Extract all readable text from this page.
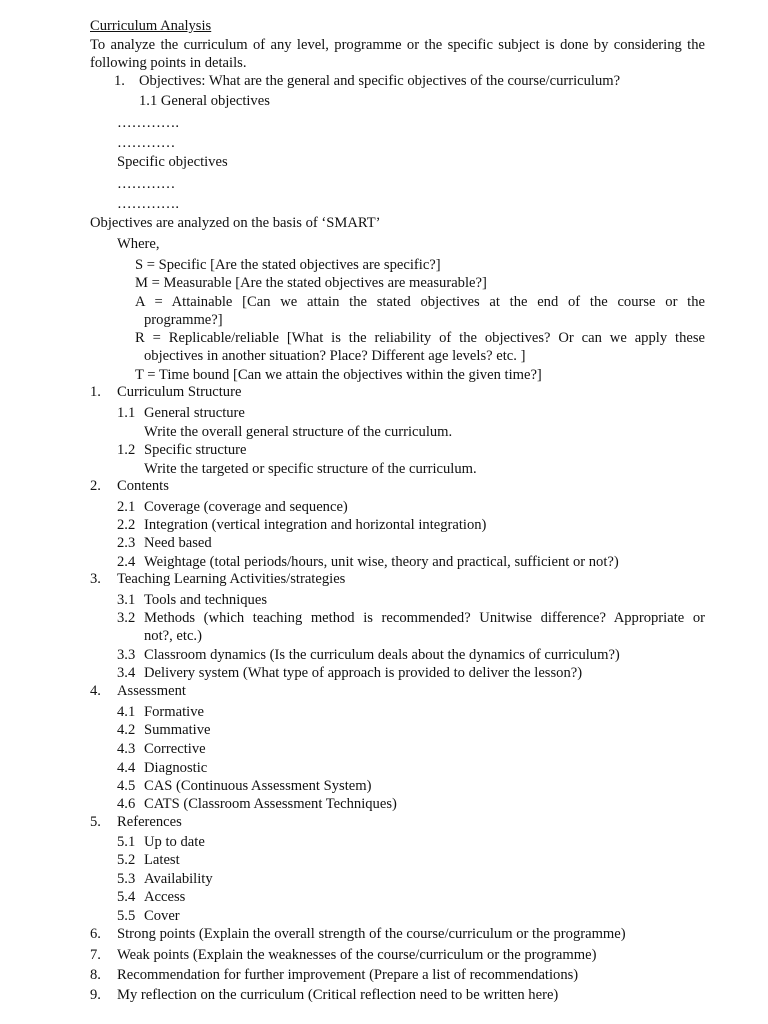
Curriculum Analysis
To analyze the curriculum of any level, programme or the specific subject is done by considering the
following points in details.
1. Objectives: What are the general and specific objectives of the course/curriculum?
1.1 General objectives
………….
…………
Specific objectives
…………
………….
Objectives are analyzed on the basis of ‘SMART’
Where,
S = Specific [Are the stated objectives are specific?]
M = Measurable [Are the stated objectives are measurable?]
A = Attainable [Can we attain the stated objectives at the end of the course or the
programme?]
R = Replicable/reliable [What is the reliability of the objectives? Or can we apply these
objectives in another situation? Place? Different age levels? etc. ]
T = Time bound [Can we attain the objectives within the given time?]
1. Curriculum Structure
1.1 General structure
Write the overall general structure of the curriculum.
1.2 Specific structure
Write the targeted or specific structure of the curriculum.
2. Contents
2.1 Coverage (coverage and sequence)
2.2 Integration (vertical integration and horizontal integration)
2.3 Need based
2.4 Weightage (total periods/hours, unit wise, theory and practical, sufficient or not?)
3. Teaching Learning Activities/strategies
3.1 Tools and techniques
3.2 Methods (which teaching method is recommended? Unitwise difference? Appropriate or
not?, etc.)
3.3 Classroom dynamics (Is the curriculum deals about the dynamics of curriculum?)
3.4 Delivery system (What type of approach is provided to deliver the lesson?)
4. Assessment
4.1 Formative
4.2 Summative
4.3 Corrective
4.4 Diagnostic
4.5 CAS (Continuous Assessment System)
4.6 CATS (Classroom Assessment Techniques)
5. References
5.1 Up to date
5.2 Latest
5.3 Availability
5.4 Access
5.5 Cover
6. Strong points (Explain the overall strength of the course/curriculum or the programme)
7. Weak points (Explain the weaknesses of the course/curriculum or the programme)
8. Recommendation for further improvement (Prepare a list of recommendations)
9. My reflection on the curriculum (Critical reflection need to be written here)
